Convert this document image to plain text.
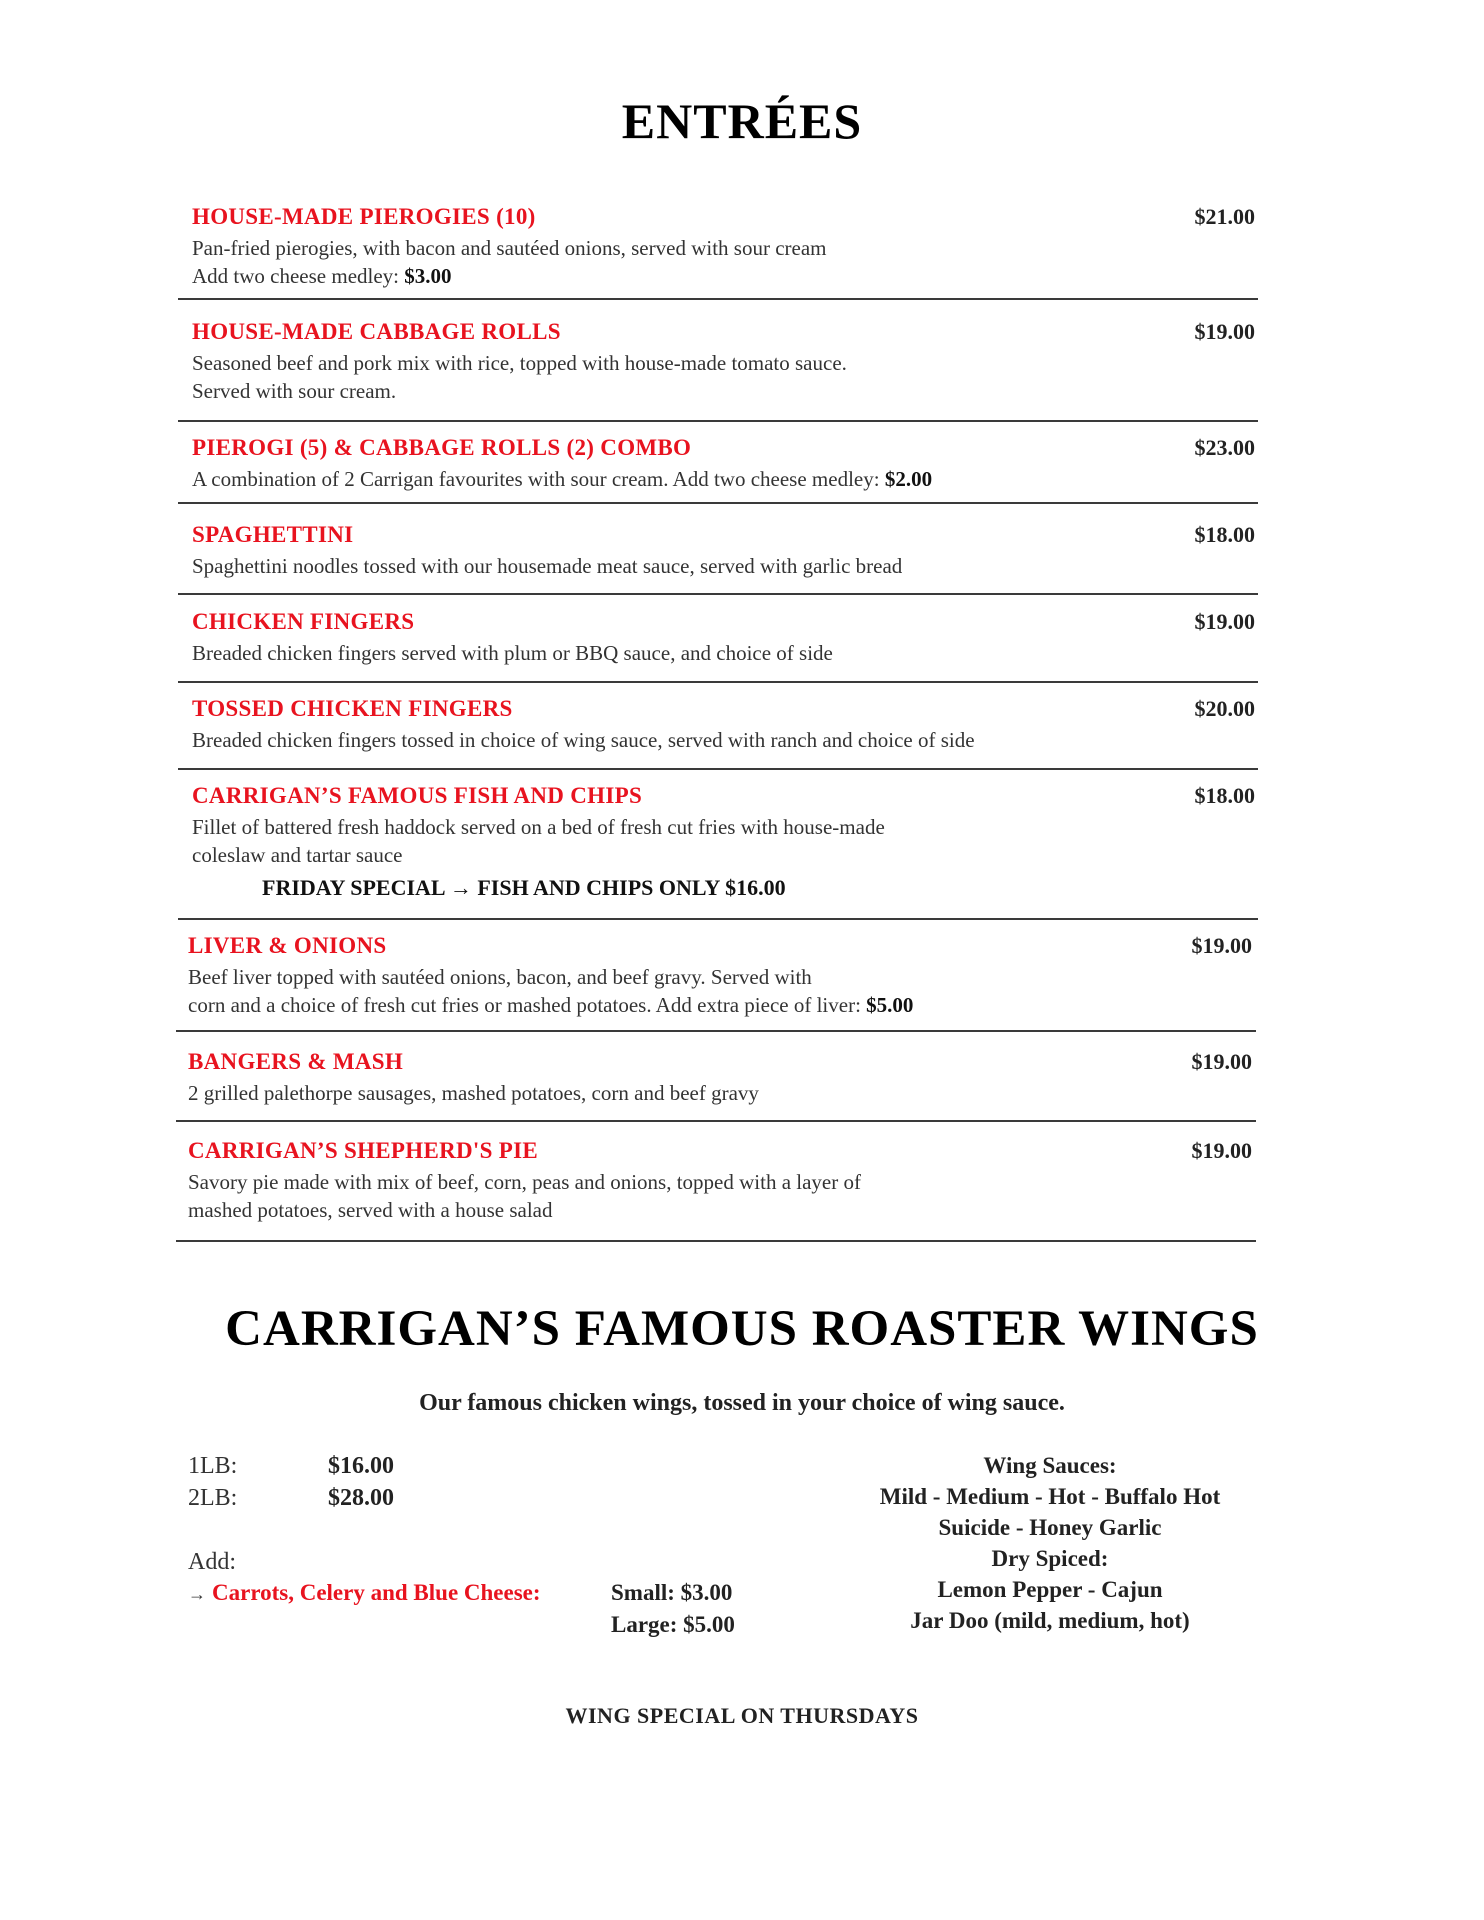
ENTRÉES
HOUSE-MADE PIEROGIES (10)	$21.00
Pan-fried pierogies, with bacon and sautéed onions, served with sour cream
Add two cheese medley: $3.00
HOUSE-MADE CABBAGE ROLLS	$19.00
Seasoned beef and pork mix with rice, topped with house-made tomato sauce.
Served with sour cream.
PIEROGI (5) & CABBAGE ROLLS (2) COMBO	$23.00
A combination of 2 Carrigan favourites with sour cream. Add two cheese medley: $2.00
SPAGHETTINI	$18.00
Spaghettini noodles tossed with our housemade meat sauce, served with garlic bread
CHICKEN FINGERS	$19.00
Breaded chicken fingers served with plum or BBQ sauce, and choice of side
TOSSED CHICKEN FINGERS	$20.00
Breaded chicken fingers tossed in choice of wing sauce, served with ranch and choice of side
CARRIGAN’S FAMOUS FISH AND CHIPS	$18.00
Fillet of battered fresh haddock served on a bed of fresh cut fries with house-made
coleslaw and tartar sauce
FRIDAY SPECIAL → FISH AND CHIPS ONLY $16.00
LIVER & ONIONS	$19.00
Beef liver topped with sautéed onions, bacon, and beef gravy. Served with
corn and a choice of fresh cut fries or mashed potatoes. Add extra piece of liver: $5.00
BANGERS & MASH	$19.00
2 grilled palethorpe sausages, mashed potatoes, corn and beef gravy
CARRIGAN’S SHEPHERD'S PIE	$19.00
Savory pie made with mix of beef, corn, peas and onions, topped with a layer of
mashed potatoes, served with a house salad
CARRIGAN’S FAMOUS ROASTER WINGS
Our famous chicken wings, tossed in your choice of wing sauce.
1LB:	$16.00
2LB:	$28.00
Add:
→ Carrots, Celery and Blue Cheese:	Small: $3.00
Large: $5.00
Wing Sauces:
Mild - Medium - Hot - Buffalo Hot
Suicide - Honey Garlic
Dry Spiced:
Lemon Pepper - Cajun
Jar Doo (mild, medium, hot)
WING SPECIAL ON THURSDAYS
